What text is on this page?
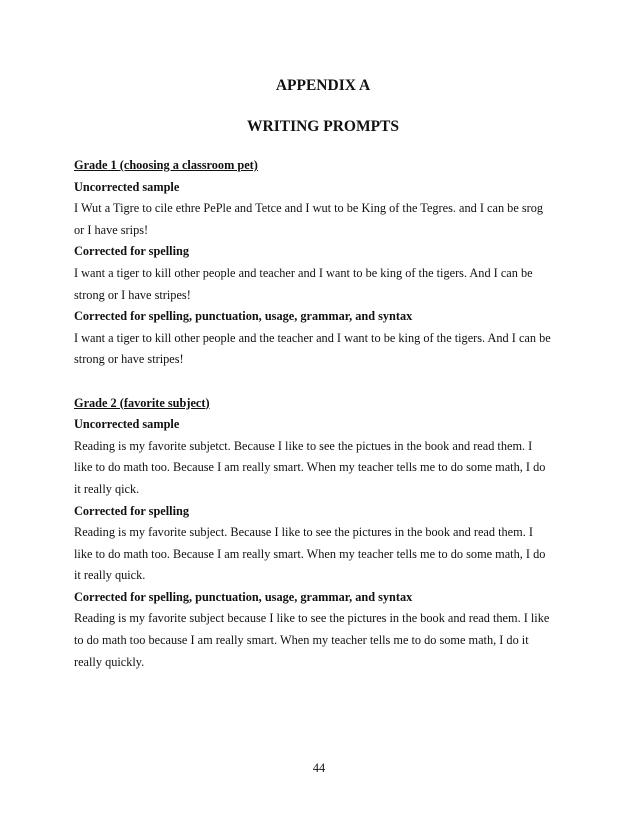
APPENDIX A
WRITING PROMPTS
Grade 1 (choosing a classroom pet)
Uncorrected sample
I Wut a Tigre to cile ethre PePle and Tetce and I wut to be King of the Tegres. and I can be srog
or I have srips!
Corrected for spelling
I want a tiger to kill other people and teacher and I want to be king of the tigers. And I can be
strong or I have stripes!
Corrected for spelling, punctuation, usage, grammar, and syntax
I want a tiger to kill other people and the teacher and I want to be king of the tigers. And I can be
strong or have stripes!
Grade 2 (favorite subject)
Uncorrected sample
Reading is my favorite subjetct. Because I like to see the pictues in the book and read them. I
like to do math too. Because I am really smart. When my teacher tells me to do some math, I do
it really qick.
Corrected for spelling
Reading is my favorite subject. Because I like to see the pictures in the book and read them. I
like to do math too. Because I am really smart. When my teacher tells me to do some math, I do
it really quick.
Corrected for spelling, punctuation, usage, grammar, and syntax
Reading is my favorite subject because I like to see the pictures in the book and read them. I like
to do math too because I am really smart. When my teacher tells me to do some math, I do it
really quickly.
44
